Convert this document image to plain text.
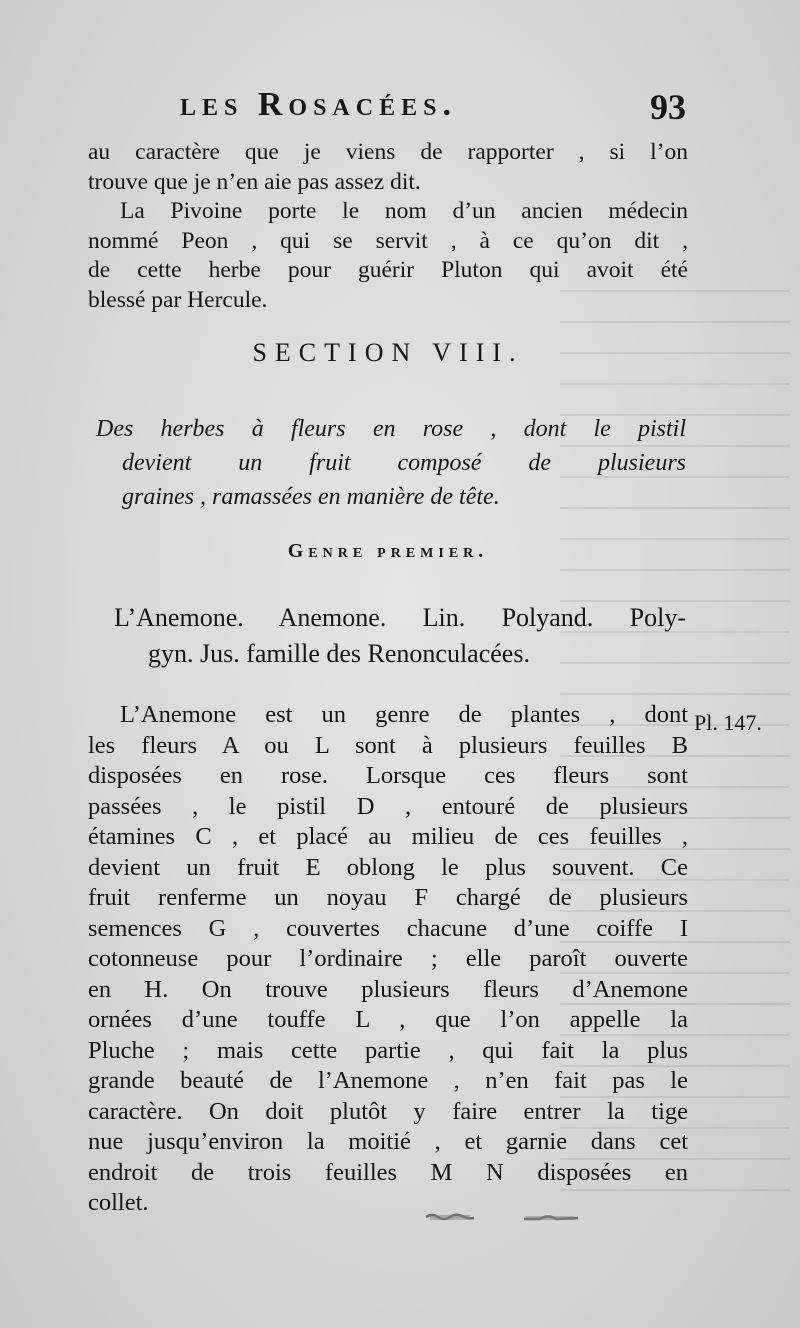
les Rosacées.	93
au caractère que je viens de rapporter , si l’on
trouve que je n’en aie pas assez dit.
La Pivoine porte le nom d’un ancien médecin
nommé Peon , qui se servit , à ce qu’on dit ,
de cette herbe pour guérir Pluton qui avoit été
blessé par Hercule.
SECTION VIII.
Des herbes à fleurs en rose , dont le pistil
devient un fruit composé de plusieurs
graines , ramassées en manière de tête.
Genre premier.
L’Anemone. Anemone. Lin. Polyand. Poly-
gyn. Jus. famille des Renonculacées.
Pl. 147.
L’Anemone est un genre de plantes , dont
les fleurs A ou L sont à plusieurs feuilles B
disposées en rose. Lorsque ces fleurs sont
passées , le pistil D , entouré de plusieurs
étamines C , et placé au milieu de ces feuilles ,
devient un fruit E oblong le plus souvent. Ce
fruit renferme un noyau F chargé de plusieurs
semences G , couvertes chacune d’une coiffe I
cotonneuse pour l’ordinaire ; elle paroît ouverte
en H. On trouve plusieurs fleurs d’Anemone
ornées d’une touffe L , que l’on appelle la
Pluche ; mais cette partie , qui fait la plus
grande beauté de l’Anemone , n’en fait pas le
caractère. On doit plutôt y faire entrer la tige
nue jusqu’environ la moitié , et garnie dans cet
endroit de trois feuilles M N disposées en
collet.
